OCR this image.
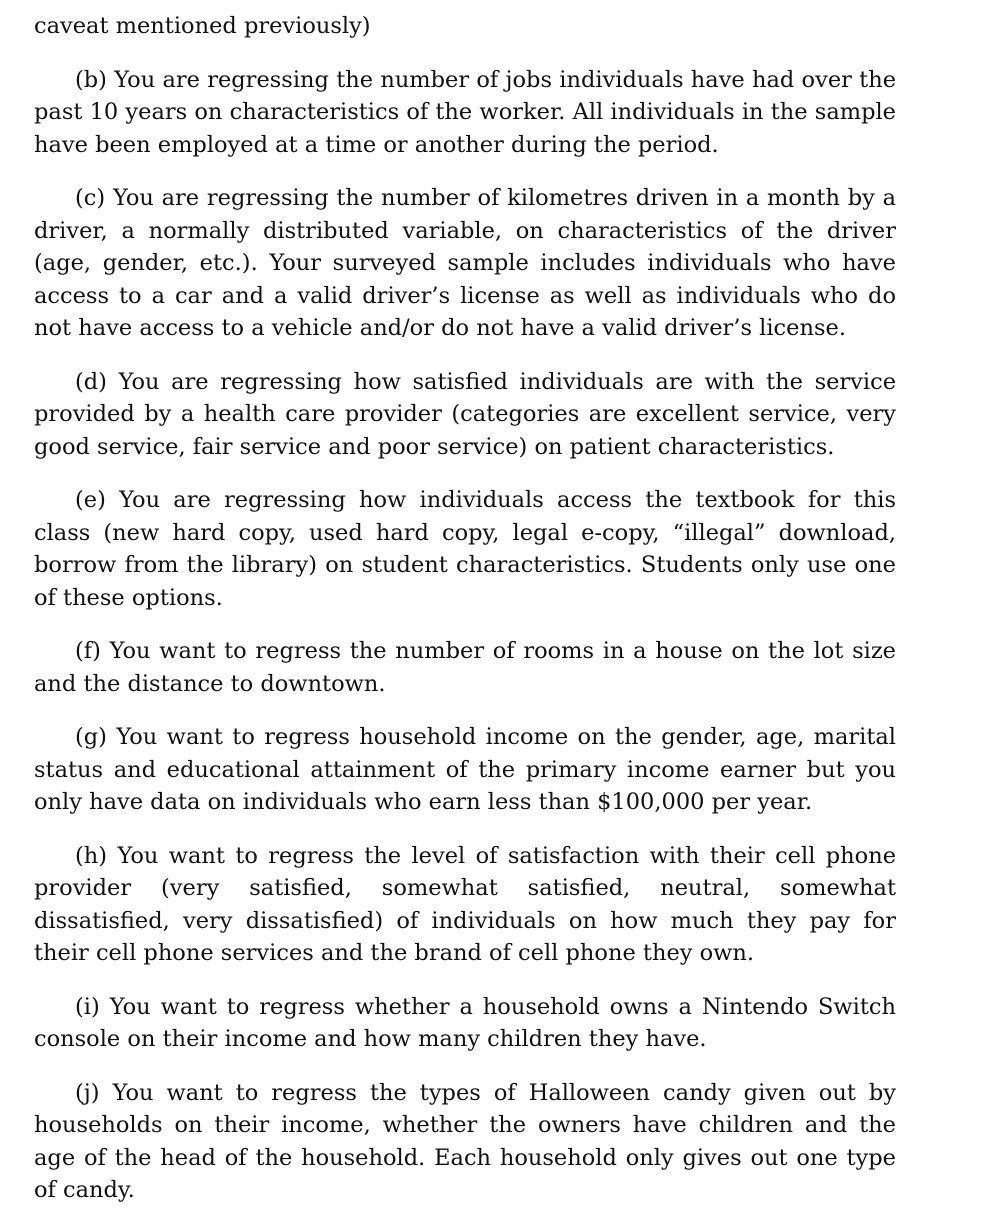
caveat mentioned previously)

(b) You are regressing the number of jobs individuals have had over the past 10 years on characteristics of the worker. All individuals in the sample have been employed at a time or another during the period.

(c) You are regressing the number of kilometres driven in a month by a driver, a normally distributed variable, on characteristics of the driver (age, gender, etc.). Your surveyed sample includes individuals who have access to a car and a valid driver’s license as well as individuals who do not have access to a vehicle and/or do not have a valid driver’s license.

(d) You are regressing how satisfied individuals are with the service provided by a health care provider (categories are excellent service, very good service, fair service and poor service) on patient characteristics.

(e) You are regressing how individuals access the textbook for this class (new hard copy, used hard copy, legal e-copy, “illegal” download, borrow from the library) on student characteristics. Students only use one of these options.

(f) You want to regress the number of rooms in a house on the lot size and the distance to downtown.

(g) You want to regress household income on the gender, age, marital status and educational attainment of the primary income earner but you only have data on individuals who earn less than $100,000 per year.

(h) You want to regress the level of satisfaction with their cell phone provider (very satisfied, somewhat satisfied, neutral, somewhat dissatisfied, very dissatisfied) of individuals on how much they pay for their cell phone services and the brand of cell phone they own.

(i) You want to regress whether a household owns a Nintendo Switch console on their income and how many children they have.

(j) You want to regress the types of Halloween candy given out by households on their income, whether the owners have children and the age of the head of the household. Each household only gives out one type of candy.
